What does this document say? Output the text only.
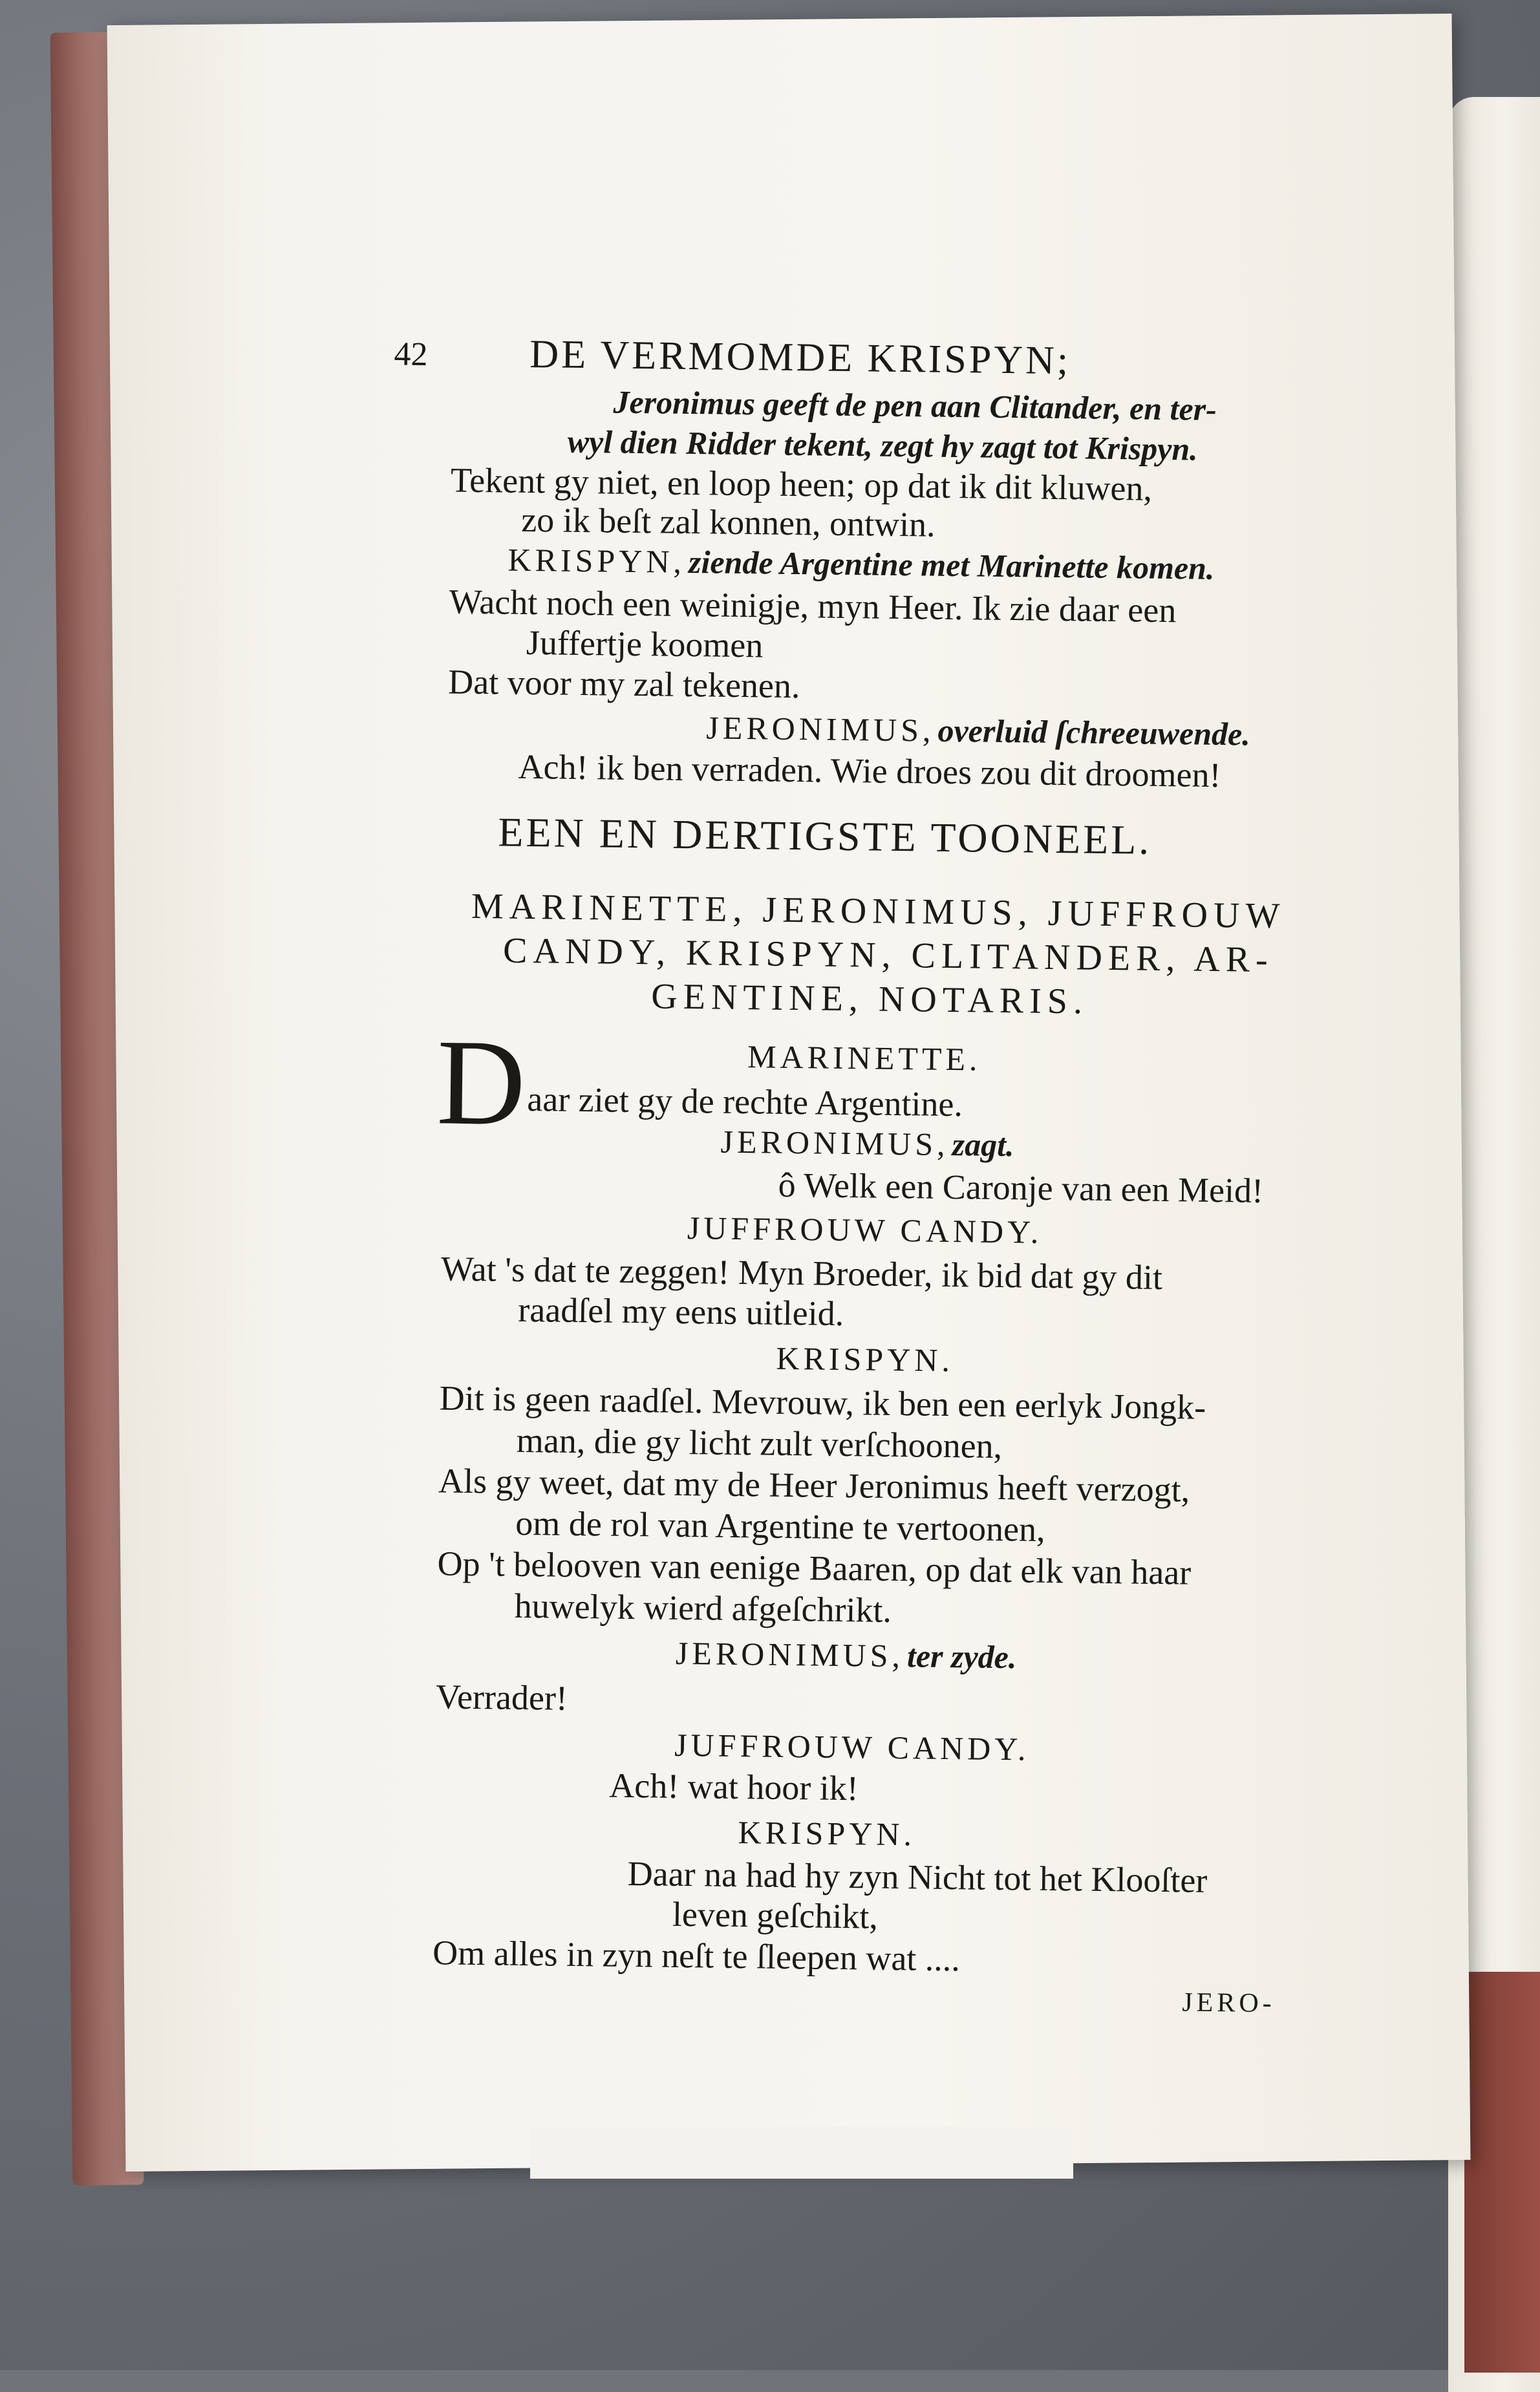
42	DE VERMOMDE KRISPYN;
Jeronimus geeft de pen aan Clitander, en ter-
wyl dien Ridder tekent, zegt hy zagt tot Krispyn.
Tekent gy niet, en loop heen; op dat ik dit kluwen,
zo ik beſt zal konnen, ontwin.
KRISPYN, ziende Argentine met Marinette komen.
Wacht noch een weinigje, myn Heer. Ik zie daar een
Juffertje koomen
Dat voor my zal tekenen.
JERONIMUS, overluid ſchreeuwende.
Ach! ik ben verraden. Wie droes zou dit droomen!
EEN EN DERTIGSTE TOONEEL.
MARINETTE, JERONIMUS, JUFFROUW
CANDY, KRISPYN, CLITANDER, AR-
GENTINE, NOTARIS.
MARINETTE.
D aar ziet gy de rechte Argentine.
JERONIMUS, zagt.
ô Welk een Caronje van een Meid!
JUFFROUW CANDY.
Wat 's dat te zeggen! Myn Broeder, ik bid dat gy dit
raadſel my eens uitleid.
KRISPYN.
Dit is geen raadſel. Mevrouw, ik ben een eerlyk Jongk-
man, die gy licht zult verſchoonen,
Als gy weet, dat my de Heer Jeronimus heeft verzogt,
om de rol van Argentine te vertoonen,
Op 't belooven van eenige Baaren, op dat elk van haar
huwelyk wierd afgeſchrikt.
JERONIMUS, ter zyde.
Verrader!
JUFFROUW CANDY.
Ach! wat hoor ik!
KRISPYN.
Daar na had hy zyn Nicht tot het Klooſter
leven geſchikt,
Om alles in zyn neſt te ſleepen wat ....
JERO-
